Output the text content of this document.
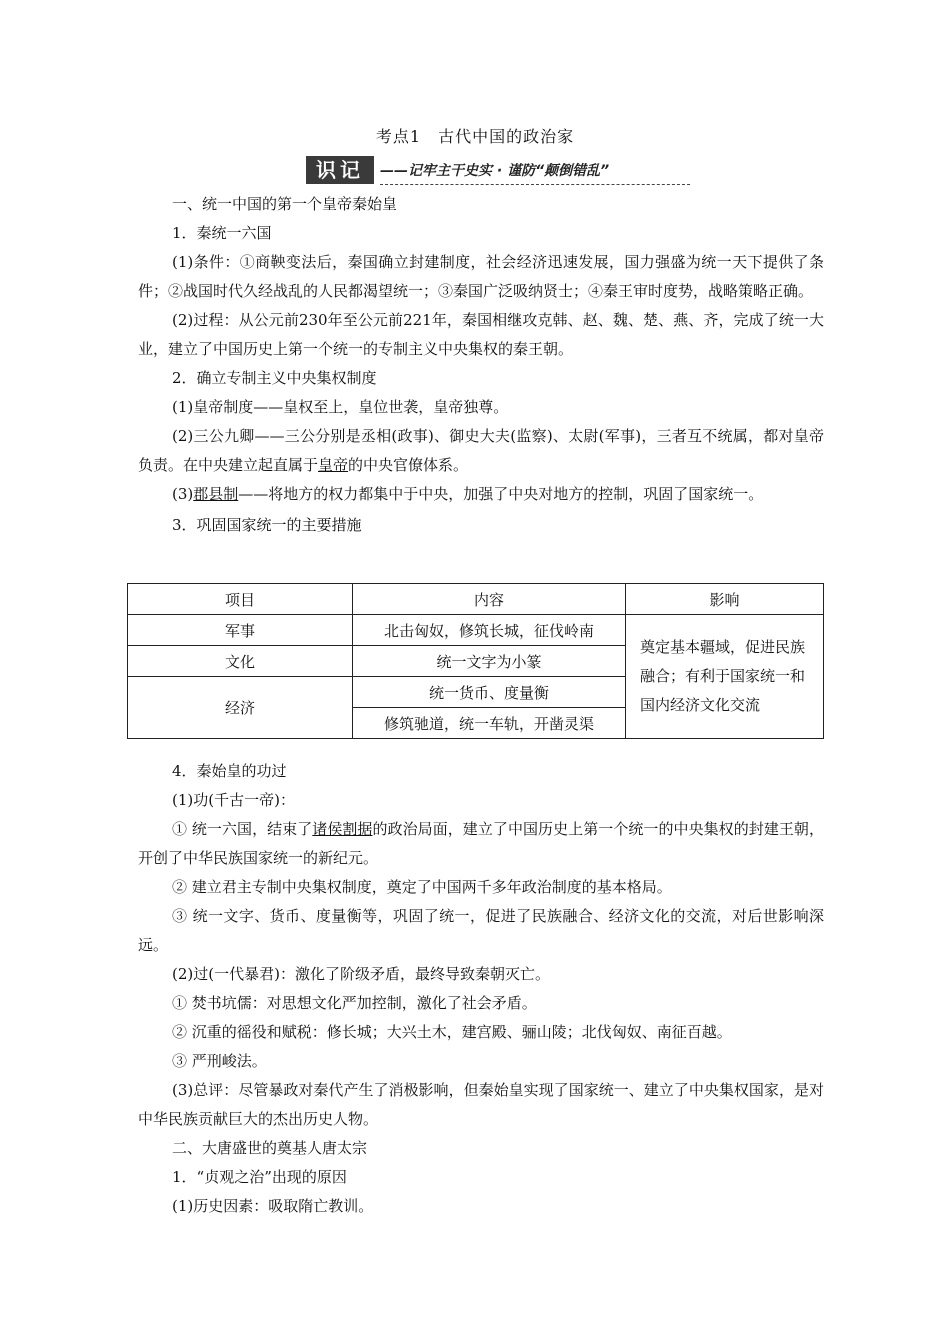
考点1　古代中国的政治家
识记	——记牢主干史实 · 谨防“颠倒错乱”

一、统一中国的第一个皇帝秦始皇

1．秦统一六国

(1)条件：①商鞅变法后，秦国确立封建制度，社会经济迅速发展，国力强盛为统一天下提供了条件；②战国时代久经战乱的人民都渴望统一；③秦国广泛吸纳贤士；④秦王审时度势，战略策略正确。

(2)过程：从公元前230年至公元前221年，秦国相继攻克韩、赵、魏、楚、燕、齐，完成了统一大业，建立了中国历史上第一个统一的专制主义中央集权的秦王朝。

2．确立专制主义中央集权制度

(1)皇帝制度——皇权至上，皇位世袭，皇帝独尊。

(2)三公九卿——三公分别是丞相(政事)、御史大夫(监察)、太尉(军事)，三者互不统属，都对皇帝负责。在中央建立起直属于皇帝的中央官僚体系。

(3)郡县制——将地方的权力都集中于中央，加强了中央对地方的控制，巩固了国家统一。

3．巩固国家统一的主要措施

项目	内容	影响
军事	北击匈奴，修筑长城，征伐岭南	奠定基本疆域，促进民族融合；有利于国家统一和国内经济文化交流
文化	统一文字为小篆	
经济	统一货币、度量衡	
	修筑驰道，统一车轨，开凿灵渠	

4．秦始皇的功过

(1)功(千古一帝)：

① 统一六国，结束了诸侯割据的政治局面，建立了中国历史上第一个统一的中央集权的封建王朝，开创了中华民族国家统一的新纪元。

② 建立君主专制中央集权制度，奠定了中国两千多年政治制度的基本格局。

③ 统一文字、货币、度量衡等，巩固了统一，促进了民族融合、经济文化的交流，对后世影响深远。

(2)过(一代暴君)：激化了阶级矛盾，最终导致秦朝灭亡。

① 焚书坑儒：对思想文化严加控制，激化了社会矛盾。

② 沉重的徭役和赋税：修长城；大兴土木，建宫殿、骊山陵；北伐匈奴、南征百越。

③ 严刑峻法。

(3)总评：尽管暴政对秦代产生了消极影响，但秦始皇实现了国家统一、建立了中央集权国家，是对中华民族贡献巨大的杰出历史人物。

二、大唐盛世的奠基人唐太宗

1．“贞观之治”出现的原因

(1)历史因素：吸取隋亡教训。
